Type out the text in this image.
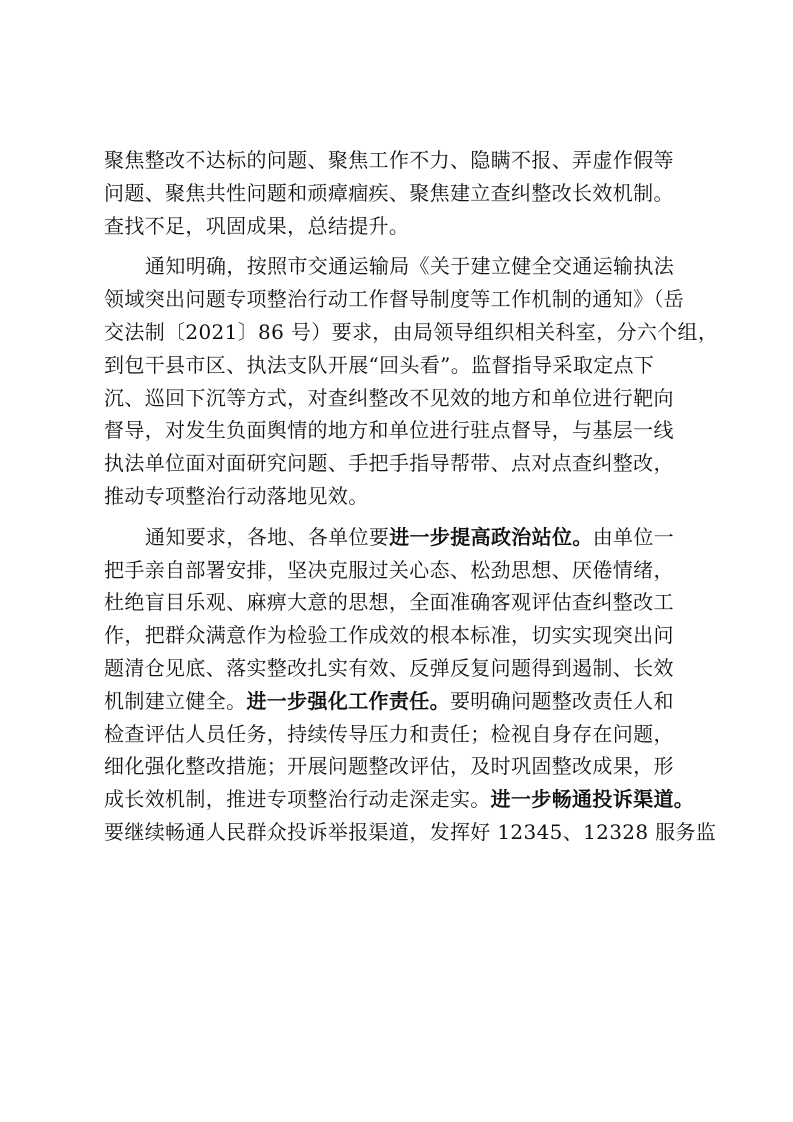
聚焦整改不达标的问题、聚焦工作不力、隐瞒不报、弄虚作假等
问题、聚焦共性问题和顽瘴痼疾、聚焦建立查纠整改长效机制。
查找不足，巩固成果，总结提升。
通知明确，按照市交通运输局《关于建立健全交通运输执法
领域突出问题专项整治行动工作督导制度等工作机制的通知》（岳
交法制〔2021〕86 号）要求，由局领导组织相关科室，分六个组，
到包干县市区、执法支队开展“回头看”。监督指导采取定点下
沉、巡回下沉等方式，对查纠整改不见效的地方和单位进行靶向
督导，对发生负面舆情的地方和单位进行驻点督导，与基层一线
执法单位面对面研究问题、手把手指导帮带、点对点查纠整改，
推动专项整治行动落地见效。
通知要求，各地、各单位要进一步提高政治站位。由单位一
把手亲自部署安排，坚决克服过关心态、松劲思想、厌倦情绪，
杜绝盲目乐观、麻痹大意的思想，全面准确客观评估查纠整改工
作，把群众满意作为检验工作成效的根本标准，切实实现突出问
题清仓见底、落实整改扎实有效、反弹反复问题得到遏制、长效
机制建立健全。进一步强化工作责任。要明确问题整改责任人和
检查评估人员任务，持续传导压力和责任；检视自身存在问题，
细化强化整改措施；开展问题整改评估，及时巩固整改成果，形
成长效机制，推进专项整治行动走深走实。进一步畅通投诉渠道。
要继续畅通人民群众投诉举报渠道，发挥好 12345、12328 服务监
